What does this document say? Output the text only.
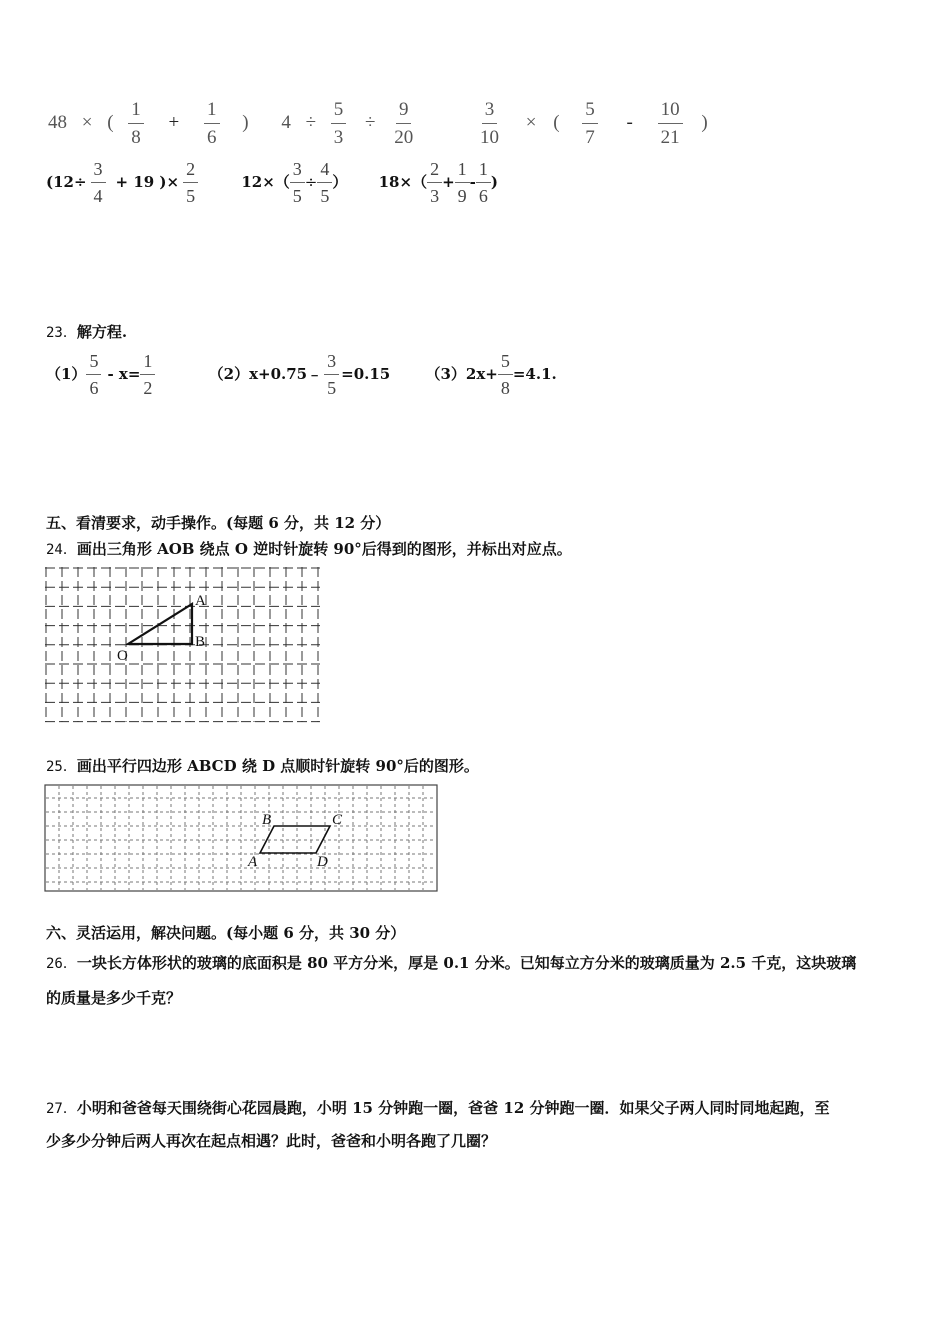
48 × ( $\frac{1}{8} + \frac{1}{6}$ ) $4 \div \frac{5}{3} \div \frac{9}{20}$
	$\frac{3}{10}$ × ( $\frac{5}{7} - \frac{10}{21}$ )
($12\div \frac{3}{4} + 19$ )× $\frac{2}{5}$	$12\times( \frac{3}{5} \div \frac{4}{5}$ ） $18\times( \frac{2}{3} + \frac{1}{9} - \frac{1}{6}$ )
23．解方程.
$(1) \frac{5}{6} - x= \frac{1}{2}$	（2）x+0.75﹣ $\frac{3}{5} =0.15$ $(3)2x+ \frac{5}{8} =4.1$.
五、看清要求，动手操作。(每题 6 分，共 12 分）
24．画出三角形 AOB 绕点 O 逆时针旋转 90°后得到的图形，并标出对应点。
A
B
O
25．画出平行四边形 ABCD 绕 D 点顺时针旋转 90°后的图形。
B	C
A	D
六、灵活运用，解决问题。(每小题 6 分，共 30 分）
26．一块长方体形状的玻璃的底面积是 80 平方分米，厚是 0.1 分米。已知每立方分米的玻璃质量为 2.5 千克，这块玻璃
的质量是多少千克？
27．小明和爸爸每天围绕街心花园晨跑，小明 15 分钟跑一圈，爸爸 12 分钟跑一圈．如果父子两人同时同地起跑，至
少多少分钟后两人再次在起点相遇？此时，爸爸和小明各跑了几圈？
